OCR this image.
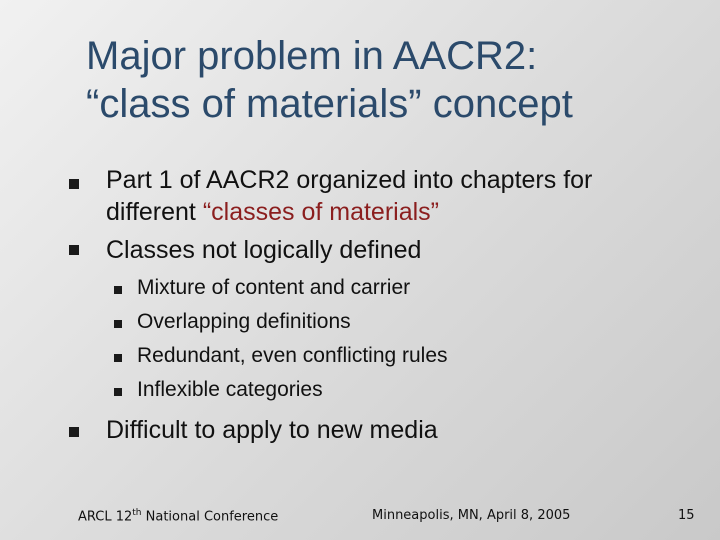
Major problem in AACR2:
“class of materials” concept
Part 1 of AACR2 organized into chapters for
different “classes of materials”
Classes not logically defined
Mixture of content and carrier
Overlapping definitions
Redundant, even conflicting rules
Inflexible categories
Difficult to apply to new media
ARCL 12th National Conference	Minneapolis, MN, April 8, 2005	15
